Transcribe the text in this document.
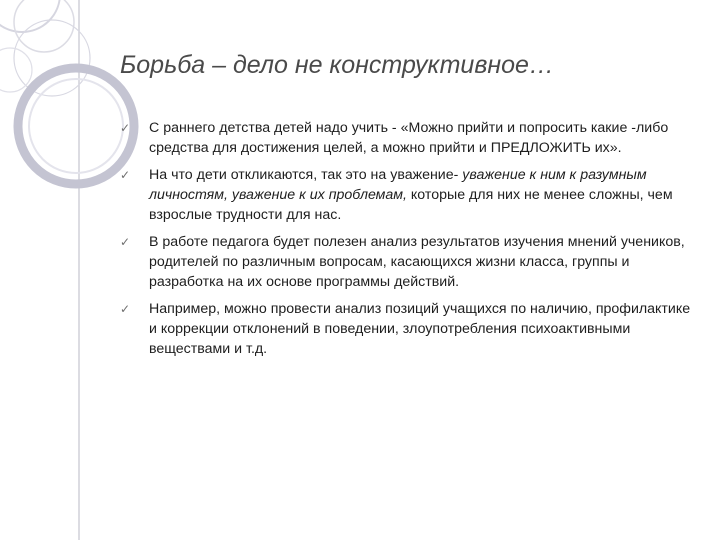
Борьба – дело не конструктивное…
✓ С раннего детства детей надо учить - «Можно прийти и попросить какие -либо средства для достижения целей, а можно прийти и ПРЕДЛОЖИТЬ их».
✓ На что дети откликаются, так это на уважение- уважение к ним к разумным личностям, уважение к их проблемам, которые для них не менее сложны, чем взрослые трудности для нас.
✓ В работе педагога будет полезен анализ результатов изучения мнений учеников, родителей по различным вопросам, касающихся жизни класса, группы и разработка на их основе программы действий.
✓ Например, можно провести анализ позиций учащихся по наличию, профилактике и коррекции отклонений в поведении, злоупотребления психоактивными веществами и т.д.
